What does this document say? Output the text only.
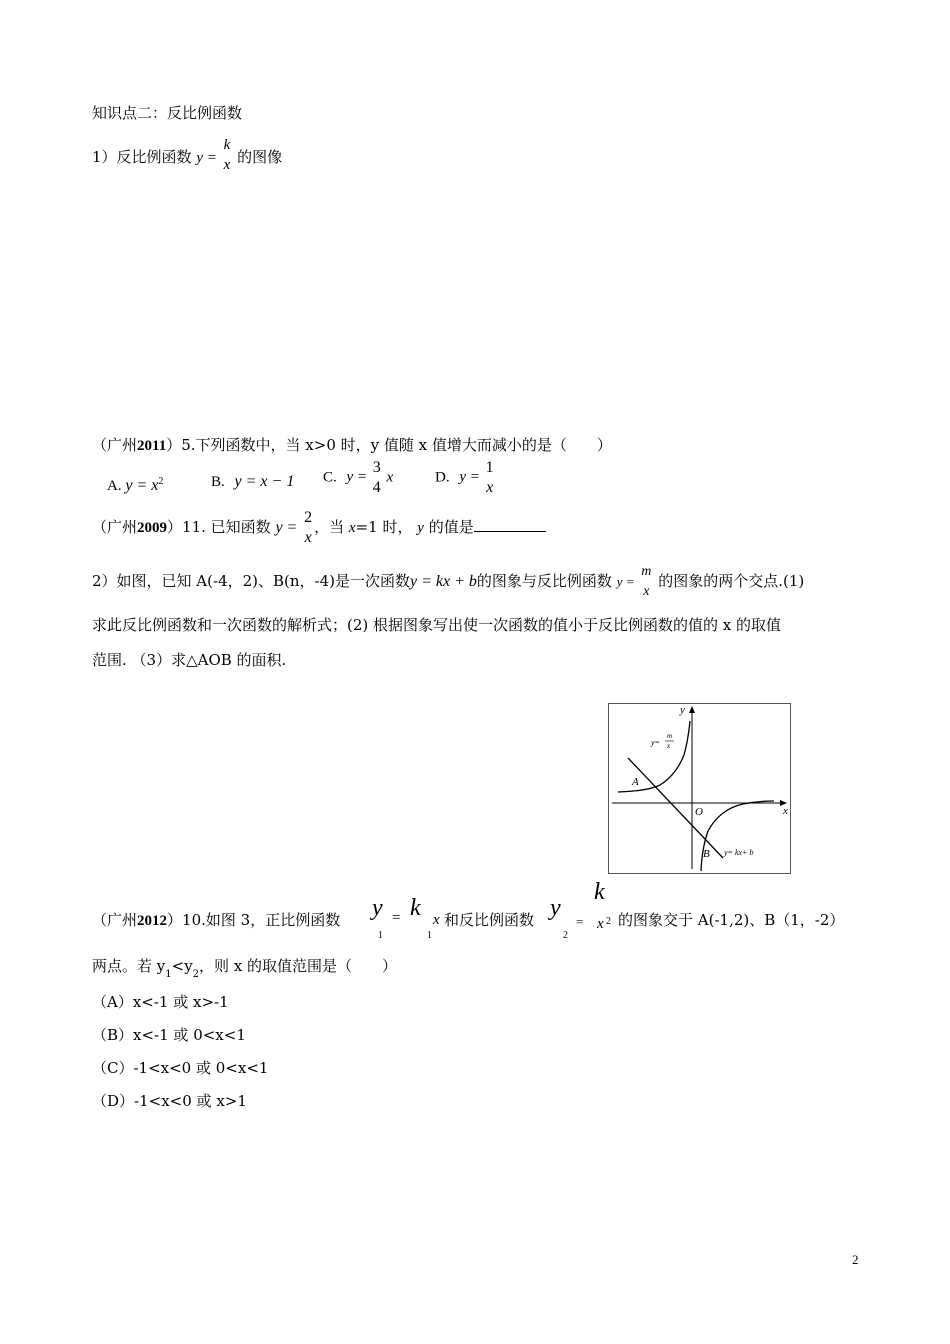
知识点二：反比例函数
1）反比例函数 y =
k
x 的图像
（广州2011）5.下列函数中，当 x>0 时，y 值随 x 值增大而减小的是（　　）
A. $y = x^2$	B. y = x − 1 C. y =
3
4
x	D. y =
1
x
（广州2009）11. 已知函数 y =
2
x
，当 x=1 时， y 的值是
2）如图，已知 A(-4，2)、B(n，-4)是一次函数y = kx + b的图象与反比例函数 y =
m
x
的图象的两个交点.(1)
求此反比例函数和一次函数的解析式；(2) 根据图象写出使一次函数的值小于反比例函数的值的 x 的取值
范围. （3）求△AOB 的面积.
y
x
O
A
B
y=
m
x
y= kx+ b
（广州2012）10.如图 3，正比例函数 y
1
= k
1
x 和反比例函数 y
2
=
k
x 2 的图象交于 A(-1,2)、B（1，-2）
两点。若 $y_1<y_2$，则 x 的取值范围是（　　）
（A）x<-1 或 x>-1
（B）x<-1 或 0<x<1
（C）-1<x<0 或 0<x<1
（D）-1<x<0 或 x>1
2
